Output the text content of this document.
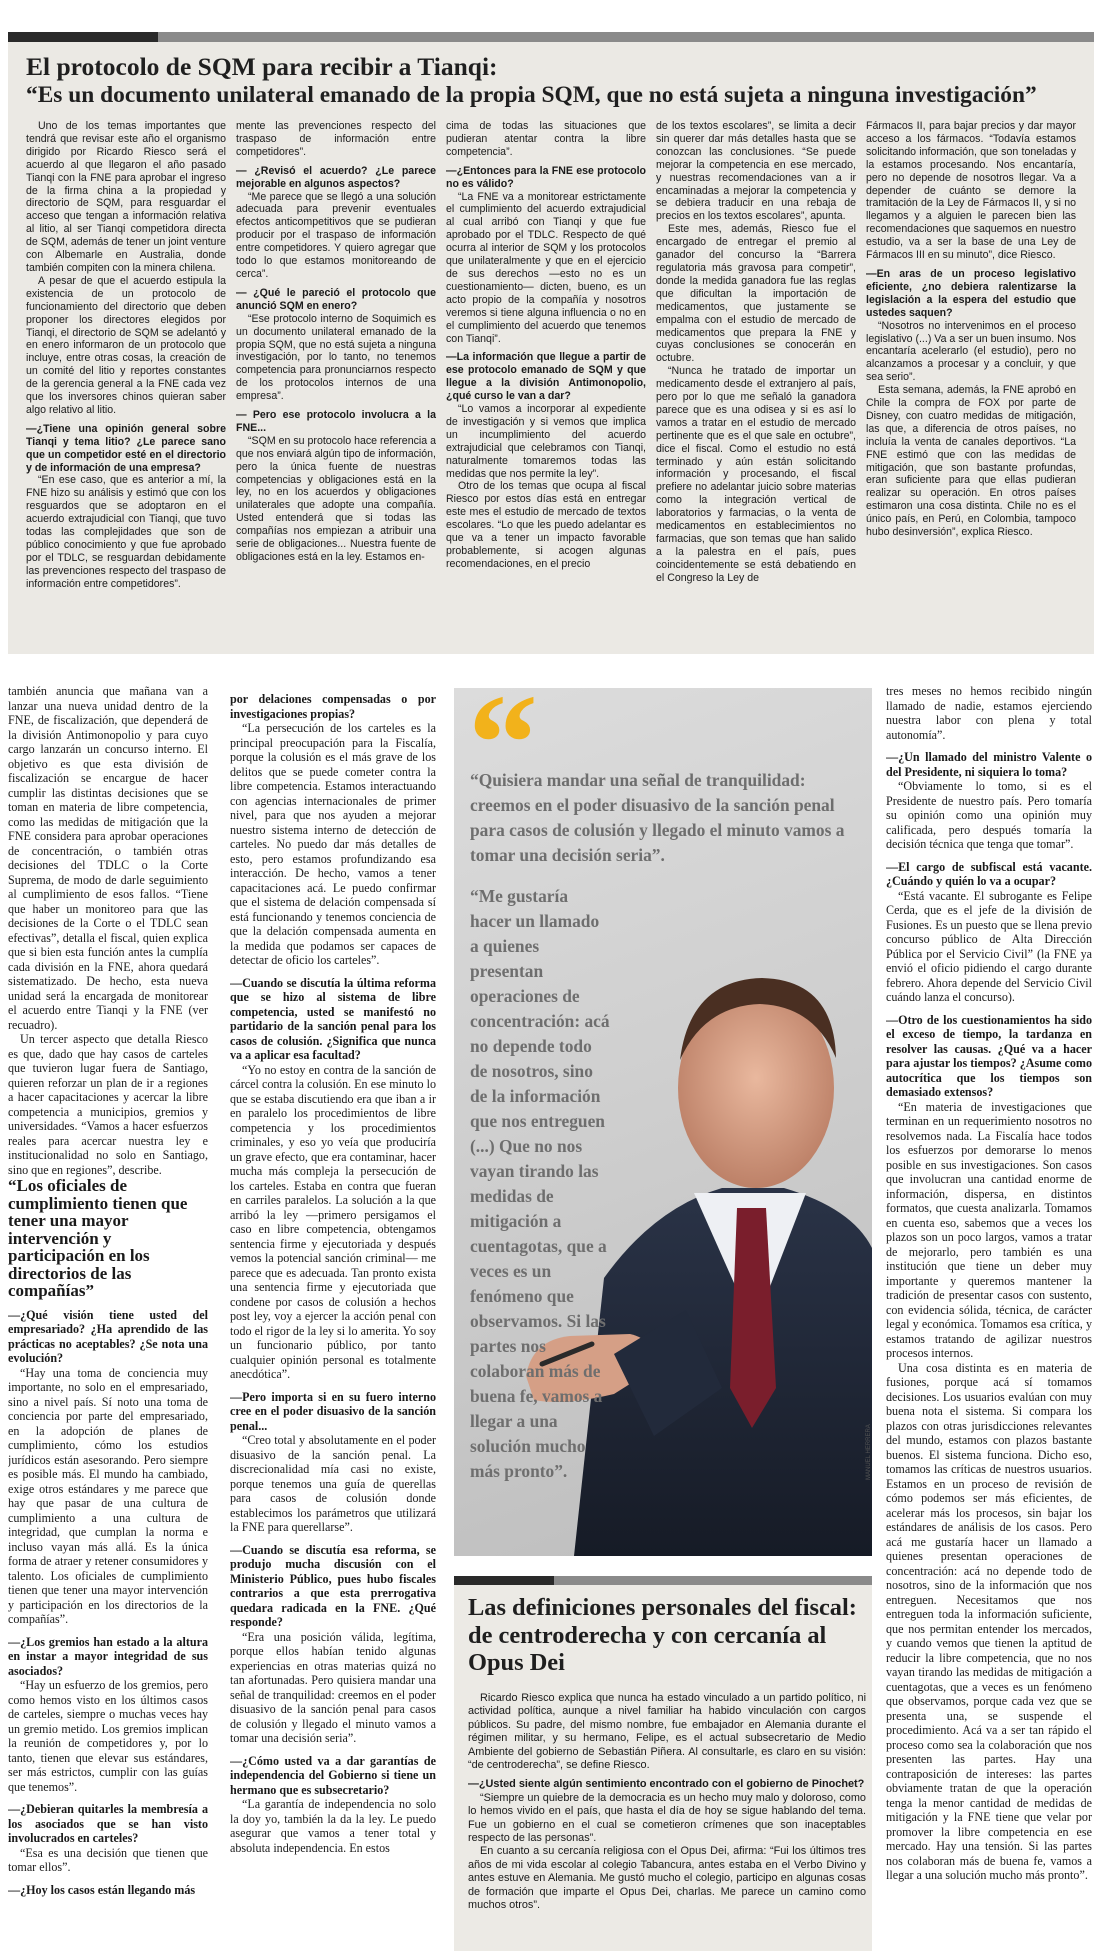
El protocolo de SQM para recibir a Tianqi:
“Es un documento unilateral emanado de la propia SQM, que no está sujeta a ninguna investigación”

Uno de los temas importantes que tendrá que revisar este año el organismo dirigido por Ricardo Riesco será el acuerdo al que llegaron el año pasado Tianqi con la FNE para aprobar el ingreso de la firma china a la propiedad y directorio de SQM, para resguardar el acceso que tengan a información relativa al litio, al ser Tianqi competidora directa de SQM, además de tener un joint venture con Albemarle en Australia, donde también compiten con la minera chilena.

A pesar de que el acuerdo estipula la existencia de un protocolo de funcionamiento del directorio que deben proponer los directores elegidos por Tianqi, el directorio de SQM se adelantó y en enero informaron de un protocolo que incluye, entre otras cosas, la creación de un comité del litio y reportes constantes de la gerencia general a la FNE cada vez que los inversores chinos quieran saber algo relativo al litio.

—¿Tiene una opinión general sobre Tianqi y tema litio? ¿Le parece sano que un competidor esté en el directorio y de información de una empresa?

“En ese caso, que es anterior a mí, la FNE hizo su análisis y estimó que con los resguardos que se adoptaron en el acuerdo extrajudicial con Tianqi, que tuvo todas las complejidades que son de público conocimiento y que fue aprobado por el TDLC, se resguardan debidamente las prevenciones respecto del traspaso de información entre competidores”.

mente las prevenciones respecto del traspaso de información entre competidores”.

— ¿Revisó el acuerdo? ¿Le parece mejorable en algunos aspectos?

“Me parece que se llegó a una solución adecuada para prevenir eventuales efectos anticompetitivos que se pudieran producir por el traspaso de información entre competidores. Y quiero agregar que todo lo que estamos monitoreando de cerca”.

— ¿Qué le pareció el protocolo que anunció SQM en enero?

“Ese protocolo interno de Soquimich es un documento unilateral emanado de la propia SQM, que no está sujeta a ninguna investigación, por lo tanto, no tenemos competencia para pronunciarnos respecto de los protocolos internos de una empresa”.

— Pero ese protocolo involucra a la FNE...

“SQM en su protocolo hace referencia a que nos enviará algún tipo de información, pero la única fuente de nuestras competencias y obligaciones está en la ley, no en los acuerdos y obligaciones unilaterales que adopte una compañía. Usted entenderá que si todas las compañías nos empiezan a atribuir una serie de obligaciones... Nuestra fuente de obligaciones está en la ley. Estamos en-

cima de todas las situaciones que pudieran atentar contra la libre competencia”.

—¿Entonces para la FNE ese protocolo no es válido?

“La FNE va a monitorear estrictamente el cumplimiento del acuerdo extrajudicial al cual arribó con Tianqi y que fue aprobado por el TDLC. Respecto de qué ocurra al interior de SQM y los protocolos que unilateralmente y que en el ejercicio de sus derechos —esto no es un cuestionamiento— dicten, bueno, es un acto propio de la compañía y nosotros veremos si tiene alguna influencia o no en el cumplimiento del acuerdo que tenemos con Tianqi”.

—La información que llegue a partir de ese protocolo emanado de SQM y que llegue a la división Antimonopolio, ¿qué curso le van a dar?

“Lo vamos a incorporar al expediente de investigación y si vemos que implica un incumplimiento del acuerdo extrajudicial que celebramos con Tianqi, naturalmente tomaremos todas las medidas que nos permite la ley”.

Otro de los temas que ocupa al fiscal Riesco por estos días está en entregar este mes el estudio de mercado de textos escolares. “Lo que les puedo adelantar es que va a tener un impacto favorable probablemente, si acogen algunas recomendaciones, en el precio

de los textos escolares”, se limita a decir sin querer dar más detalles hasta que se conozcan las conclusiones. “Se puede mejorar la competencia en ese mercado, y nuestras recomendaciones van a ir encaminadas a mejorar la competencia y se debiera traducir en una rebaja de precios en los textos escolares”, apunta.

Este mes, además, Riesco fue el encargado de entregar el premio al ganador del concurso la “Barrera regulatoria más gravosa para competir”, donde la medida ganadora fue las reglas que dificultan la importación de medicamentos, que justamente se empalma con el estudio de mercado de medicamentos que prepara la FNE y cuyas conclusiones se conocerán en octubre.

“Nunca he tratado de importar un medicamento desde el extranjero al país, pero por lo que me señaló la ganadora parece que es una odisea y si es así lo vamos a tratar en el estudio de mercado pertinente que es el que sale en octubre”, dice el fiscal. Como el estudio no está terminado y aún están solicitando información y procesando, el fiscal prefiere no adelantar juicio sobre materias como la integración vertical de laboratorios y farmacias, o la venta de medicamentos en establecimientos no farmacias, que son temas que han salido a la palestra en el país, pues coincidentemente se está debatiendo en el Congreso la Ley de

Fármacos II, para bajar precios y dar mayor acceso a los fármacos. “Todavía estamos solicitando información, que son toneladas y la estamos procesando. Nos encantaría, pero no depende de nosotros llegar. Va a depender de cuánto se demore la tramitación de la Ley de Fármacos II, y si no llegamos y a alguien le parecen bien las recomendaciones que saquemos en nuestro estudio, va a ser la base de una Ley de Fármacos III en su minuto”, dice Riesco.

—En aras de un proceso legislativo eficiente, ¿no debiera ralentizarse la legislación a la espera del estudio que ustedes saquen?

“Nosotros no intervenimos en el proceso legislativo (...) Va a ser un buen insumo. Nos encantaría acelerarlo (el estudio), pero no alcanzamos a procesar y a concluir, y que sea serio”.

Esta semana, además, la FNE aprobó en Chile la compra de FOX por parte de Disney, con cuatro medidas de mitigación, las que, a diferencia de otros países, no incluía la venta de canales deportivos. “La FNE estimó que con las medidas de mitigación, que son bastante profundas, eran suficiente para que ellas pudieran realizar su operación. En otros países estimaron una cosa distinta. Chile no es el único país, en Perú, en Colombia, tampoco hubo desinversión”, explica Riesco.

también anuncia que mañana van a lanzar una nueva unidad dentro de la FNE, de fiscalización, que dependerá de la división Antimonopolio y para cuyo cargo lanzarán un concurso interno. El objetivo es que esta división de fiscalización se encargue de hacer cumplir las distintas decisiones que se toman en materia de libre competencia, como las medidas de mitigación que la FNE considera para aprobar operaciones de concentración, o también otras decisiones del TDLC o la Corte Suprema, de modo de darle seguimiento al cumplimiento de esos fallos. “Tiene que haber un monitoreo para que las decisiones de la Corte o el TDLC sean efectivas”, detalla el fiscal, quien explica que si bien esta función antes la cumplía cada división en la FNE, ahora quedará sistematizado. De hecho, esta nueva unidad será la encargada de monitorear el acuerdo entre Tianqi y la FNE (ver recuadro).

Un tercer aspecto que detalla Riesco es que, dado que hay casos de carteles que tuvieron lugar fuera de Santiago, quieren reforzar un plan de ir a regiones a hacer capacitaciones y acercar la libre competencia a municipios, gremios y universidades. “Vamos a hacer esfuerzos reales para acercar nuestra ley e institucionalidad no solo en Santiago, sino que en regiones”, describe.

“Los oficiales de cumplimiento tienen que tener una mayor intervención y participación en los directorios de las compañías”

—¿Qué visión tiene usted del empresariado? ¿Ha aprendido de las prácticas no aceptables? ¿Se nota una evolución?

“Hay una toma de conciencia muy importante, no solo en el empresariado, sino a nivel país. Sí noto una toma de conciencia por parte del empresariado, en la adopción de planes de cumplimiento, cómo los estudios jurídicos están asesorando. Pero siempre es posible más. El mundo ha cambiado, exige otros estándares y me parece que hay que pasar de una cultura de cumplimiento a una cultura de integridad, que cumplan la norma e incluso vayan más allá. Es la única forma de atraer y retener consumidores y talento. Los oficiales de cumplimiento tienen que tener una mayor intervención y participación en los directorios de la compañías”.

—¿Los gremios han estado a la altura en instar a mayor integridad de sus asociados?

“Hay un esfuerzo de los gremios, pero como hemos visto en los últimos casos de carteles, siempre o muchas veces hay un gremio metido. Los gremios implican la reunión de competidores y, por lo tanto, tienen que elevar sus estándares, ser más estrictos, cumplir con las guías que tenemos”.

—¿Debieran quitarles la membresía a los asociados que se han visto involucrados en carteles?

“Esa es una decisión que tienen que tomar ellos”.

—¿Hoy los casos están llegando más

por delaciones compensadas o por investigaciones propias?

“La persecución de los carteles es la principal preocupación para la Fiscalía, porque la colusión es el más grave de los delitos que se puede cometer contra la libre competencia. Estamos interactuando con agencias internacionales de primer nivel, para que nos ayuden a mejorar nuestro sistema interno de detección de carteles. No puedo dar más detalles de esto, pero estamos profundizando esa interacción. De hecho, vamos a tener capacitaciones acá. Le puedo confirmar que el sistema de delación compensada sí está funcionando y tenemos conciencia de que la delación compensada aumenta en la medida que podamos ser capaces de detectar de oficio los carteles”.

—Cuando se discutía la última reforma que se hizo al sistema de libre competencia, usted se manifestó no partidario de la sanción penal para los casos de colusión. ¿Significa que nunca va a aplicar esa facultad?

“Yo no estoy en contra de la sanción de cárcel contra la colusión. En ese minuto lo que se estaba discutiendo era que iban a ir en paralelo los procedimientos de libre competencia y los procedimientos criminales, y eso yo veía que produciría un grave efecto, que era contaminar, hacer mucha más compleja la persecución de los carteles. Estaba en contra que fueran en carriles paralelos. La solución a la que arribó la ley —primero persigamos el caso en libre competencia, obtengamos sentencia firme y ejecutoriada y después vemos la potencial sanción criminal— me parece que es adecuada. Tan pronto exista una sentencia firme y ejecutoriada que condene por casos de colusión a hechos post ley, voy a ejercer la acción penal con todo el rigor de la ley si lo amerita. Yo soy un funcionario público, por tanto cualquier opinión personal es totalmente anecdótica”.

—Pero importa si en su fuero interno cree en el poder disuasivo de la sanción penal...

“Creo total y absolutamente en el poder disuasivo de la sanción penal. La discrecionalidad mía casi no existe, porque tenemos una guía de querellas para casos de colusión donde establecimos los parámetros que utilizará la FNE para querellarse”.

—Cuando se discutía esa reforma, se produjo mucha discusión con el Ministerio Público, pues hubo fiscales contrarios a que esta prerrogativa quedara radicada en la FNE. ¿Qué responde?

“Era una posición válida, legítima, porque ellos habían tenido algunas experiencias en otras materias quizá no tan afortunadas. Pero quisiera mandar una señal de tranquilidad: creemos en el poder disuasivo de la sanción penal para casos de colusión y llegado el minuto vamos a tomar una decisión seria”.

—¿Cómo usted va a dar garantías de independencia del Gobierno si tiene un hermano que es subsecretario?

“La garantía de independencia no solo la doy yo, también la da la ley. Le puedo asegurar que vamos a tener total y absoluta independencia. En estos

tres meses no hemos recibido ningún llamado de nadie, estamos ejerciendo nuestra labor con plena y total autonomía”.

—¿Un llamado del ministro Valente o del Presidente, ni siquiera lo toma?

“Obviamente lo tomo, si es el Presidente de nuestro país. Pero tomaría su opinión como una opinión muy calificada, pero después tomaría la decisión técnica que tenga que tomar”.

—El cargo de subfiscal está vacante. ¿Cuándo y quién lo va a ocupar?

“Está vacante. El subrogante es Felipe Cerda, que es el jefe de la división de Fusiones. Es un puesto que se llena previo concurso público de Alta Dirección Pública por el Servicio Civil” (la FNE ya envió el oficio pidiendo el cargo durante febrero. Ahora depende del Servicio Civil cuándo lanza el concurso).

—Otro de los cuestionamientos ha sido el exceso de tiempo, la tardanza en resolver las causas. ¿Qué va a hacer para ajustar los tiempos? ¿Asume como autocrítica que los tiempos son demasiado extensos?

“En materia de investigaciones que terminan en un requerimiento nosotros no resolvemos nada. La Fiscalía hace todos los esfuerzos por demorarse lo menos posible en sus investigaciones. Son casos que involucran una cantidad enorme de información, dispersa, en distintos formatos, que cuesta analizarla. Tomamos en cuenta eso, sabemos que a veces los plazos son un poco largos, vamos a tratar de mejorarlo, pero también es una institución que tiene un deber muy importante y queremos mantener la tradición de presentar casos con sustento, con evidencia sólida, técnica, de carácter legal y económica. Tomamos esa crítica, y estamos tratando de agilizar nuestros procesos internos.

Una cosa distinta es en materia de fusiones, porque acá sí tomamos decisiones. Los usuarios evalúan con muy buena nota el sistema. Si compara los plazos con otras jurisdicciones relevantes del mundo, estamos con plazos bastante buenos. El sistema funciona. Dicho eso, tomamos las críticas de nuestros usuarios. Estamos en un proceso de revisión de cómo podemos ser más eficientes, de acelerar más los procesos, sin bajar los estándares de análisis de los casos. Pero acá me gustaría hacer un llamado a quienes presentan operaciones de concentración: acá no depende todo de nosotros, sino de la información que nos entreguen. Necesitamos que nos entreguen toda la información suficiente, que nos permitan entender los mercados, y cuando vemos que tienen la aptitud de reducir la libre competencia, que no nos vayan tirando las medidas de mitigación a cuentagotas, que a veces es un fenómeno que observamos, porque cada vez que se presenta una, se suspende el procedimiento. Acá va a ser tan rápido el proceso como sea la colaboración que nos presenten las partes. Hay una contraposición de intereses: las partes obviamente tratan de que la operación tenga la menor cantidad de medidas de mitigación y la FNE tiene que velar por promover la libre competencia en ese mercado. Hay una tensión. Si las partes nos colaboran más de buena fe, vamos a llegar a una solución mucho más pronto”.

“
“Quisiera mandar una señal de tranquilidad: creemos en el poder disuasivo de la sanción penal para casos de colusión y llegado el minuto vamos a tomar una decisión seria”.
“Me gustaría hacer un llamado a quienes presentan operaciones de concentración: acá no depende todo de nosotros, sino de la información que nos entreguen (...) Que no nos vayan tirando las medidas de mitigación a cuentagotas, que a veces es un fenómeno que observamos. Si las partes nos colaboran más de buena fe, vamos a llegar a una solución mucho más pronto”.	MANUEL HERRERA
Las definiciones personales del fiscal: de centroderecha y con cercanía al Opus Dei

Ricardo Riesco explica que nunca ha estado vinculado a un partido político, ni actividad política, aunque a nivel familiar ha habido vinculación con cargos públicos. Su padre, del mismo nombre, fue embajador en Alemania durante el régimen militar, y su hermano, Felipe, es el actual subsecretario de Medio Ambiente del gobierno de Sebastián Piñera. Al consultarle, es claro en su visión: “de centroderecha”, se define Riesco.

—¿Usted siente algún sentimiento encontrado con el gobierno de Pinochet?

“Siempre un quiebre de la democracia es un hecho muy malo y doloroso, como lo hemos vivido en el país, que hasta el día de hoy se sigue hablando del tema. Fue un gobierno en el cual se cometieron crímenes que son inaceptables respecto de las personas”.

En cuanto a su cercanía religiosa con el Opus Dei, afirma: “Fui los últimos tres años de mi vida escolar al colegio Tabancura, antes estaba en el Verbo Divino y antes estuve en Alemania. Me gustó mucho el colegio, participo en algunas cosas de formación que imparte el Opus Dei, charlas. Me parece un camino como muchos otros”.
